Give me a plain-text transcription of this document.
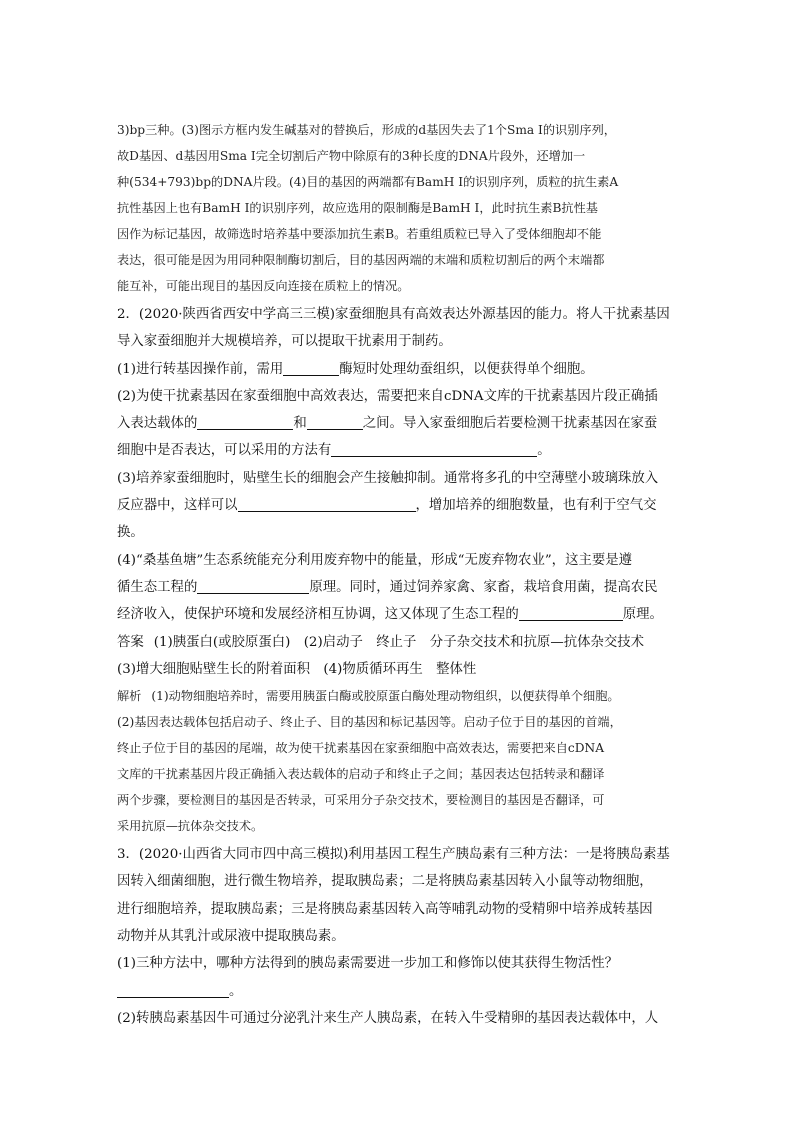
3)bp三种。(3)图示方框内发生碱基对的替换后，形成的d基因失去了1个Sma Ⅰ的识别序列，

故D基因、d基因用Sma Ⅰ完全切割后产物中除原有的3种长度的DNA片段外，还增加一

种(534+793)bp的DNA片段。(4)目的基因的两端都有BamH Ⅰ的识别序列，质粒的抗生素A

抗性基因上也有BamH Ⅰ的识别序列，故应选用的限制酶是BamH Ⅰ，此时抗生素B抗性基

因作为标记基因，故筛选时培养基中要添加抗生素B。若重组质粒已导入了受体细胞却不能

表达，很可能是因为用同种限制酶切割后，目的基因两端的末端和质粒切割后的两个末端都

能互补，可能出现目的基因反向连接在质粒上的情况。

2．(2020·陕西省西安中学高三三模)家蚕细胞具有高效表达外源基因的能力。将人干扰素基因

导入家蚕细胞并大规模培养，可以提取干扰素用于制药。

(1)进行转基因操作前，需用	酶短时处理幼蚕组织，以便获得单个细胞。

(2)为使干扰素基因在家蚕细胞中高效表达，需要把来自cDNA文库的干扰素基因片段正确插

入表达载体的	和	之间。导入家蚕细胞后若要检测干扰素基因在家蚕

细胞中是否表达，可以采用的方法有	。

(3)培养家蚕细胞时，贴壁生长的细胞会产生接触抑制。通常将多孔的中空薄壁小玻璃珠放入

反应器中，这样可以	，增加培养的细胞数量，也有利于空气交

换。

(4)“桑基鱼塘”生态系统能充分利用废弃物中的能量，形成“无废弃物农业”，这主要是遵

循生态工程的	原理。同时，通过饲养家禽、家畜，栽培食用菌，提高农民

经济收入，使保护环境和发展经济相互协调，这又体现了生态工程的	原理。

答案 (1)胰蛋白(或胶原蛋白)　(2)启动子　终止子　分子杂交技术和抗原—抗体杂交技术

(3)增大细胞贴壁生长的附着面积　(4)物质循环再生　整体性

解析 (1)动物细胞培养时，需要用胰蛋白酶或胶原蛋白酶处理动物组织，以便获得单个细胞。

(2)基因表达载体包括启动子、终止子、目的基因和标记基因等。启动子位于目的基因的首端，

终止子位于目的基因的尾端，故为使干扰素基因在家蚕细胞中高效表达，需要把来自cDNA

文库的干扰素基因片段正确插入表达载体的启动子和终止子之间；基因表达包括转录和翻译

两个步骤，要检测目的基因是否转录，可采用分子杂交技术，要检测目的基因是否翻译，可

采用抗原—抗体杂交技术。

3．(2020·山西省大同市四中高三模拟)利用基因工程生产胰岛素有三种方法：一是将胰岛素基

因转入细菌细胞，进行微生物培养，提取胰岛素；二是将胰岛素基因转入小鼠等动物细胞，

进行细胞培养，提取胰岛素；三是将胰岛素基因转入高等哺乳动物的受精卵中培养成转基因

动物并从其乳汁或尿液中提取胰岛素。

(1)三种方法中，哪种方法得到的胰岛素需要进一步加工和修饰以使其获得生物活性？

。

(2)转胰岛素基因牛可通过分泌乳汁来生产人胰岛素，在转入牛受精卵的基因表达载体中，人
